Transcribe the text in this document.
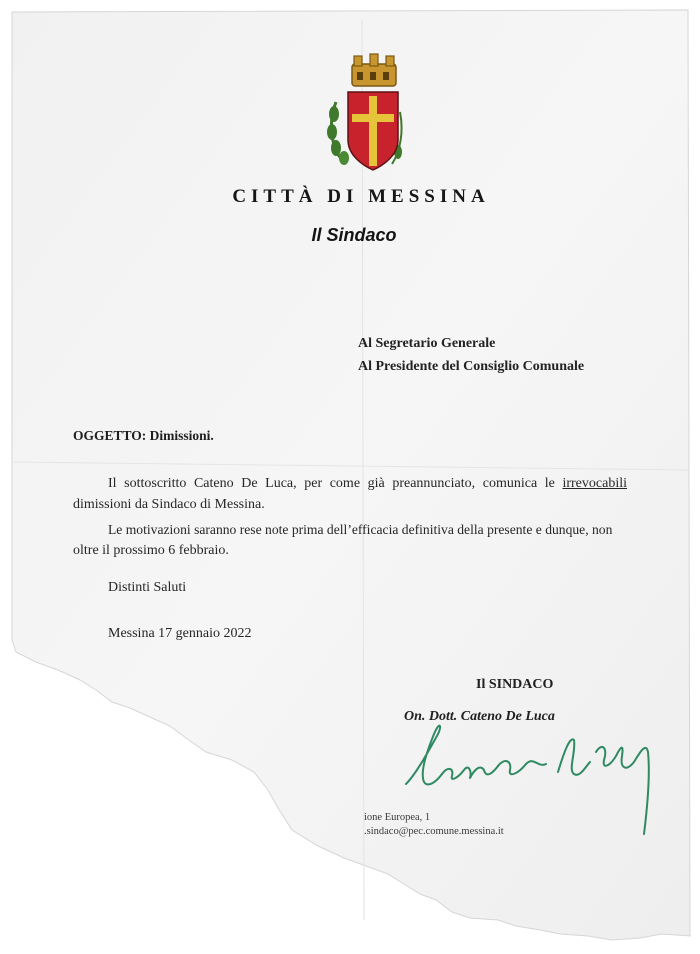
CITTÀ DI MESSINA
Il Sindaco
Al Segretario Generale
Al Presidente del Consiglio Comunale
OGGETTO: Dimissioni.
Il sottoscritto Cateno De Luca, per come già preannunciato, comunica le irrevocabili
dimissioni da Sindaco di Messina.
Le motivazioni saranno rese note prima dell’efficacia definitiva della presente e dunque, non
oltre il prossimo 6 febbraio.
Distinti Saluti
Messina 17 gennaio 2022
Il SINDACO
On. Dott. Cateno De Luca
ione Europea, 1
.sindaco@pec.comune.messina.it
